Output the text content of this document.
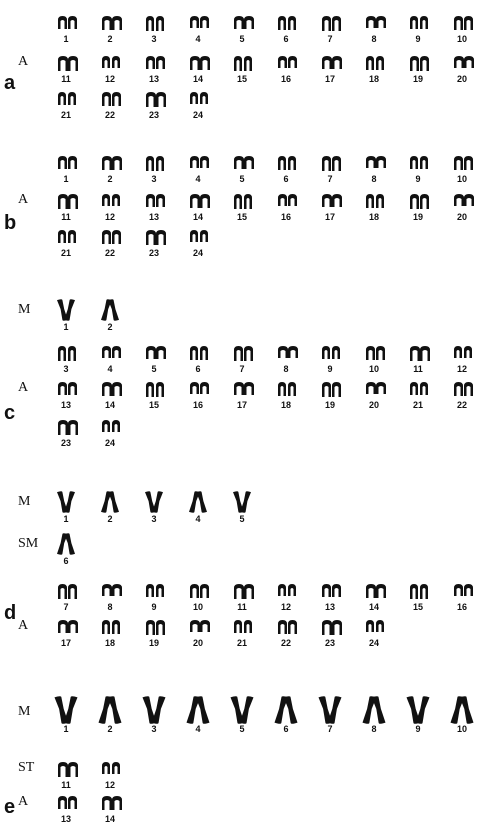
a
1	2	3	4	5	6	7	8	9	10
A
11	12	13	14	15	16	17	18	19	20
21	22	23	24
b
1	2	3	4	5	6	7	8	9	10
A
11	12	13	14	15	16	17	18	19	20
21	22	23	24
c
M
1	2
3	4	5	6	7	8	9	10	11	12
A
13	14	15	16	17	18	19	20	21	22
23	24
d
M
1	2	3	4	5
SM
6
7	8	9	10	11	12	13	14	15	16
A
17	18	19	20	21	22	23	24
e
M
1	2	3	4	5	6	7	8	9	10
ST
11	12
A
13	14
